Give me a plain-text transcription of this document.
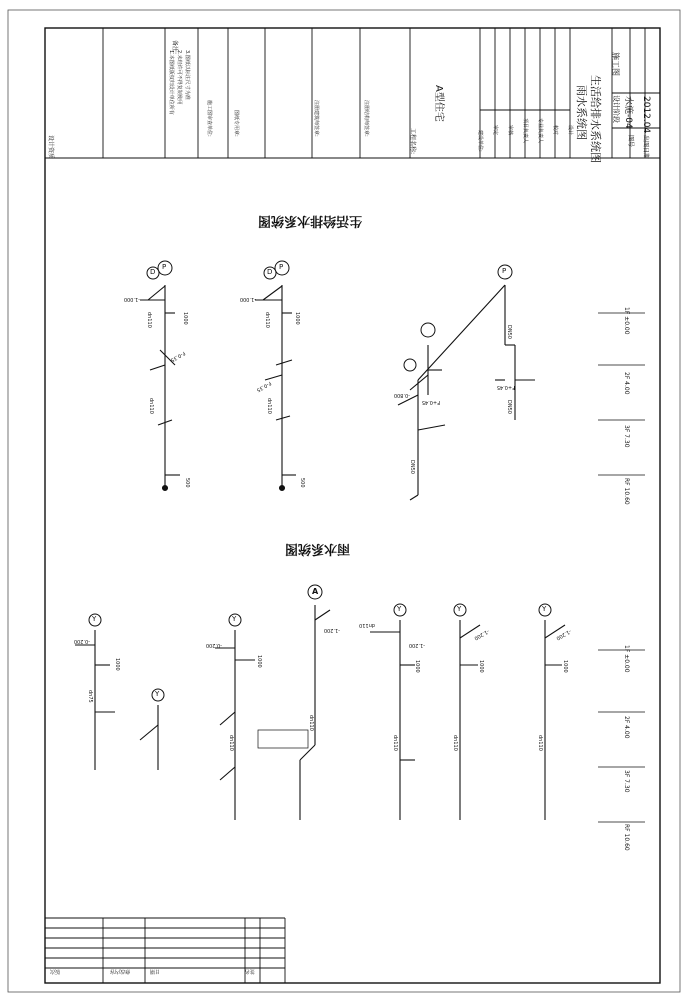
生活给排水系统图
雨水系统图
雨水系统图 生活给排水系统图 水施-04 2012.04
施工图
设计阶段
A型住宅
工程名称:	建设单位: 审定 审核 项目负责人 专业负责人 校对 设计
图号	出图日期
设计资质
备注:
1.本图纸版权归设计单位所有 2.未经许可不得复制使用 3.图纸以标注尺寸为准
施工图审查单位:	图纸专用章:	注册建筑师签章:	注册结构师签章:
1F ±0.00
2F 4.00
3F 7.30
RF 10.60
1F ±0.00
2F 4.00
3F 7.30
RF 10.60
dn110
dn110
dn110
dn110
DN50
DN50
DN50
dn75
dn110
dn110
dn110	dn110	dn110
dn110
-1.000	-1.000
F-0.35
F-0.35
-0.800
F+0.45
F+0.45
-0.200
-0.200
-1.200
-1.200
-1.200	-1.200
1000	1000
1000	1000	1000	1000	1000
500	500
P
D	D
P	P
Y
A
Y
Y
Y	Y	Y
版次	修改内容	日期	签名
